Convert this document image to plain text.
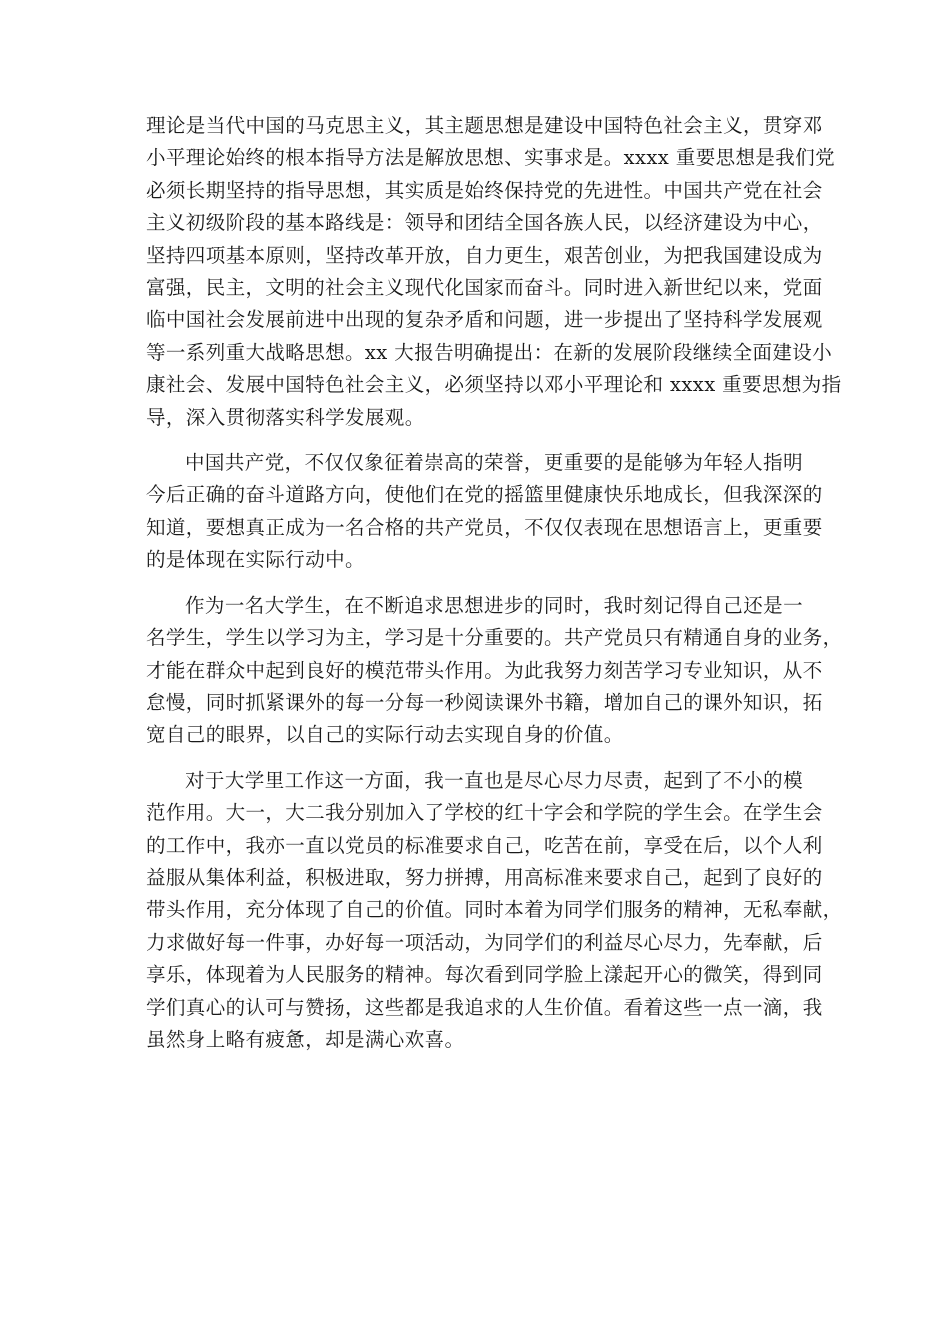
理论是当代中国的马克思主义，其主题思想是建设中国特色社会主义，贯穿邓
小平理论始终的根本指导方法是解放思想、实事求是。xxxx 重要思想是我们党
必须长期坚持的指导思想，其实质是始终保持党的先进性。中国共产党在社会
主义初级阶段的基本路线是：领导和团结全国各族人民，以经济建设为中心，
坚持四项基本原则，坚持改革开放，自力更生，艰苦创业，为把我国建设成为
富强，民主，文明的社会主义现代化国家而奋斗。同时进入新世纪以来，党面
临中国社会发展前进中出现的复杂矛盾和问题，进一步提出了坚持科学发展观
等一系列重大战略思想。xx 大报告明确提出：在新的发展阶段继续全面建设小
康社会、发展中国特色社会主义，必须坚持以邓小平理论和 xxxx 重要思想为指
导，深入贯彻落实科学发展观。
中国共产党，不仅仅象征着崇高的荣誉，更重要的是能够为年轻人指明
今后正确的奋斗道路方向，使他们在党的摇篮里健康快乐地成长，但我深深的
知道，要想真正成为一名合格的共产党员，不仅仅表现在思想语言上，更重要
的是体现在实际行动中。
作为一名大学生，在不断追求思想进步的同时，我时刻记得自己还是一
名学生，学生以学习为主，学习是十分重要的。共产党员只有精通自身的业务，
才能在群众中起到良好的模范带头作用。为此我努力刻苦学习专业知识，从不
怠慢，同时抓紧课外的每一分每一秒阅读课外书籍，增加自己的课外知识，拓
宽自己的眼界，以自己的实际行动去实现自身的价值。
对于大学里工作这一方面，我一直也是尽心尽力尽责，起到了不小的模
范作用。大一，大二我分别加入了学校的红十字会和学院的学生会。在学生会
的工作中，我亦一直以党员的标准要求自己，吃苦在前，享受在后，以个人利
益服从集体利益，积极进取，努力拼搏，用高标准来要求自己，起到了良好的
带头作用，充分体现了自己的价值。同时本着为同学们服务的精神，无私奉献，
力求做好每一件事，办好每一项活动，为同学们的利益尽心尽力，先奉献，后
享乐，体现着为人民服务的精神。每次看到同学脸上漾起开心的微笑，得到同
学们真心的认可与赞扬，这些都是我追求的人生价值。看着这些一点一滴，我
虽然身上略有疲惫，却是满心欢喜。
